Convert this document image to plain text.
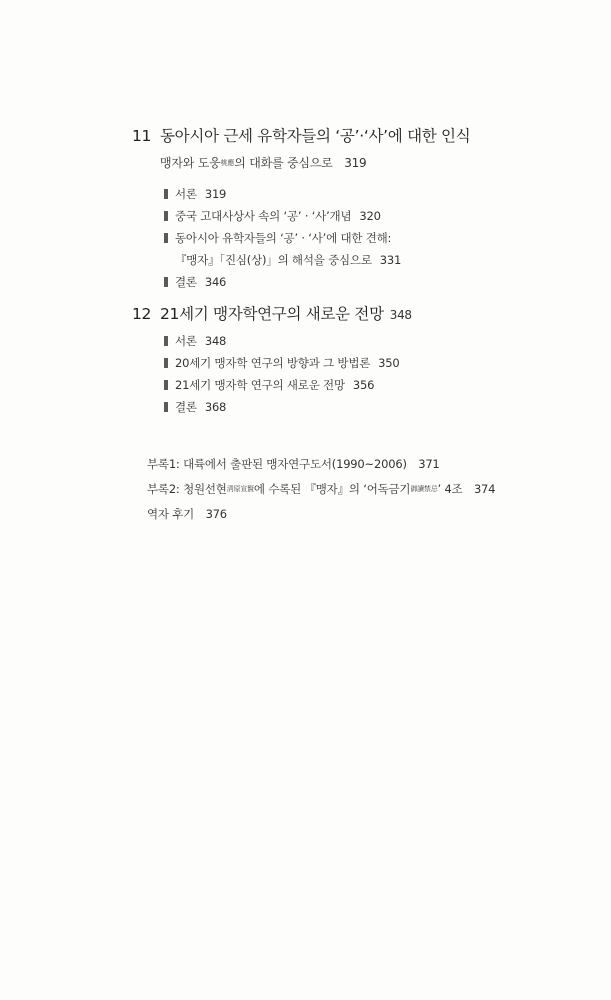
11 동아시아 근세 유학자들의 ‘공’·‘사’에 대한 인식
맹자와 도웅桃應의 대화를 중심으로 319
서론 319
중국 고대사상사 속의 ‘공’ · ‘사’개념 320
동아시아 유학자들의 ‘공’ · ‘사’에 대한 견해:
『맹자』「진심(상)」의 해석을 중심으로 331
결론 346
12 21세기 맹자학연구의 새로운 전망 348
서론 348
20세기 맹자학 연구의 방향과 그 방법론 350
21세기 맹자학 연구의 새로운 전망 356
결론 368
부록1: 대륙에서 출판된 맹자연구도서(1990~2006) 371
부록2: 청원선현淸原宣賢에 수록된 『맹자』의 ‘어독금기御讀禁忌’ 4조 374
역자 후기 376
